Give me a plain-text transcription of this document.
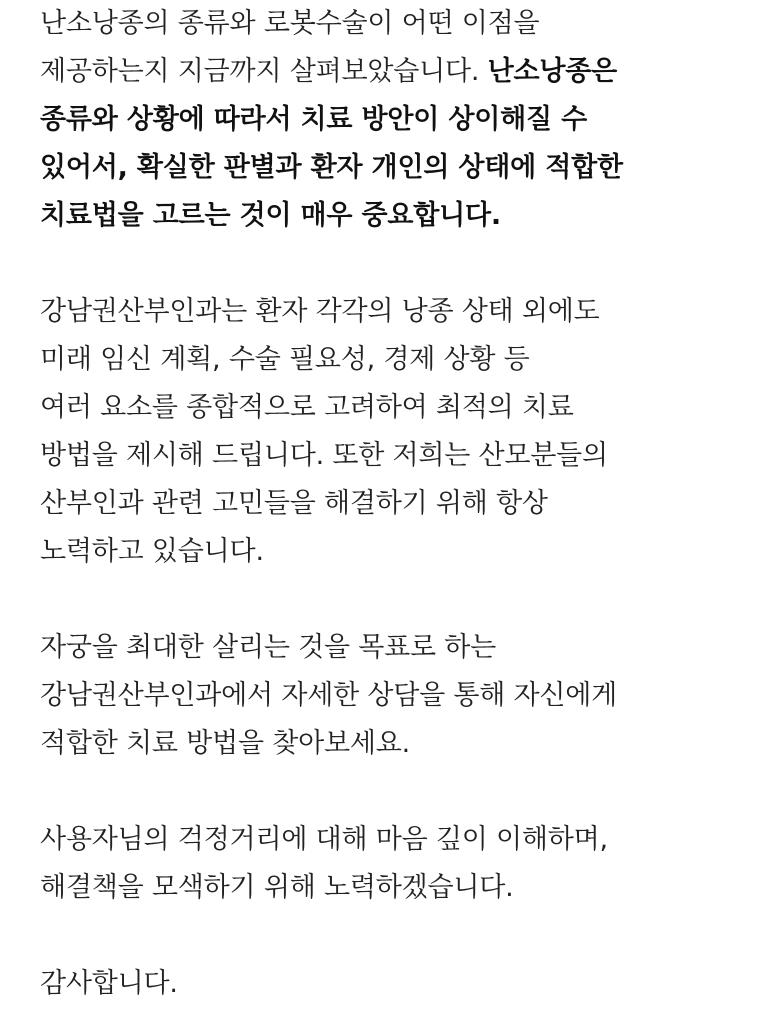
난소낭종의 종류와 로봇수술이 어떤 이점을
제공하는지 지금까지 살펴보았습니다. 난소낭종은
종류와 상황에 따라서 치료 방안이 상이해질 수
있어서, 확실한 판별과 환자 개인의 상태에 적합한
치료법을 고르는 것이 매우 중요합니다.
강남권산부인과는 환자 각각의 낭종 상태 외에도
미래 임신 계획, 수술 필요성, 경제 상황 등
여러 요소를 종합적으로 고려하여 최적의 치료
방법을 제시해 드립니다. 또한 저희는 산모분들의
산부인과 관련 고민들을 해결하기 위해 항상
노력하고 있습니다.
자궁을 최대한 살리는 것을 목표로 하는
강남권산부인과에서 자세한 상담을 통해 자신에게
적합한 치료 방법을 찾아보세요.
사용자님의 걱정거리에 대해 마음 깊이 이해하며,
해결책을 모색하기 위해 노력하겠습니다.
감사합니다.
